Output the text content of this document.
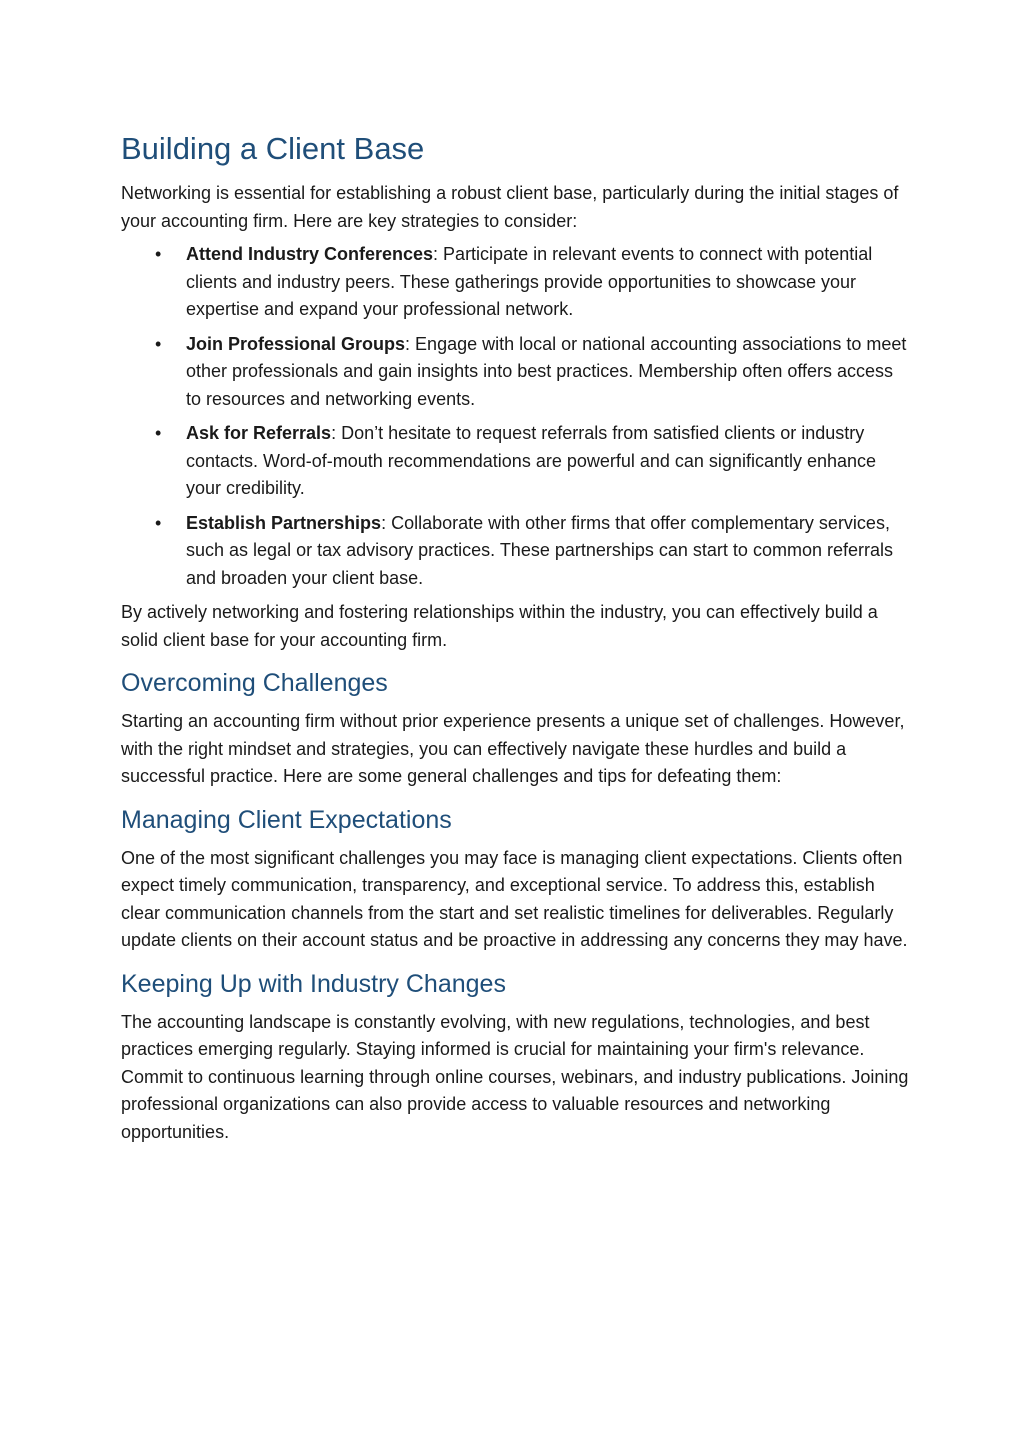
Building a Client Base

Networking is essential for establishing a robust client base, particularly during the initial stages of your accounting firm. Here are key strategies to consider:

• Attend Industry Conferences: Participate in relevant events to connect with potential clients and industry peers. These gatherings provide opportunities to showcase your expertise and expand your professional network.
• Join Professional Groups: Engage with local or national accounting associations to meet other professionals and gain insights into best practices. Membership often offers access to resources and networking events.
• Ask for Referrals: Don’t hesitate to request referrals from satisfied clients or industry contacts. Word-of-mouth recommendations are powerful and can significantly enhance your credibility.
• Establish Partnerships: Collaborate with other firms that offer complementary services, such as legal or tax advisory practices. These partnerships can start to common referrals and broaden your client base.

By actively networking and fostering relationships within the industry, you can effectively build a solid client base for your accounting firm.

Overcoming Challenges

Starting an accounting firm without prior experience presents a unique set of challenges. However, with the right mindset and strategies, you can effectively navigate these hurdles and build a successful practice. Here are some general challenges and tips for defeating them:

Managing Client Expectations

One of the most significant challenges you may face is managing client expectations. Clients often expect timely communication, transparency, and exceptional service. To address this, establish clear communication channels from the start and set realistic timelines for deliverables. Regularly update clients on their account status and be proactive in addressing any concerns they may have.

Keeping Up with Industry Changes

The accounting landscape is constantly evolving, with new regulations, technologies, and best practices emerging regularly. Staying informed is crucial for maintaining your firm's relevance. Commit to continuous learning through online courses, webinars, and industry publications. Joining professional organizations can also provide access to valuable resources and networking opportunities.
